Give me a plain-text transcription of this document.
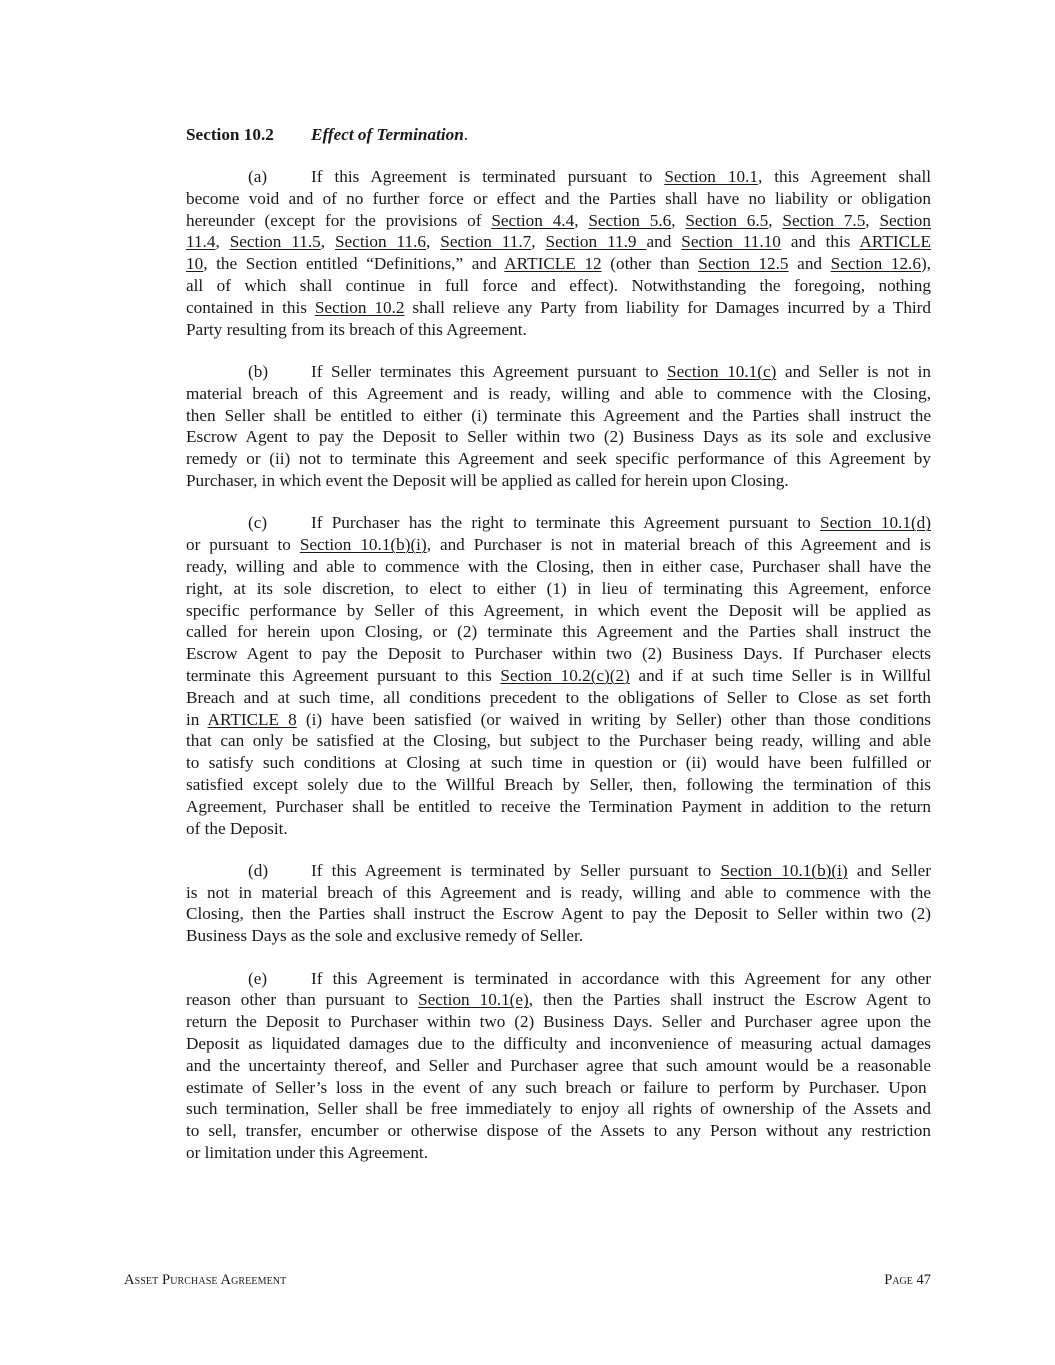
Section 10.2 Effect of Termination.
(a)	If this Agreement is terminated pursuant to Section 10.1, this Agreement shall
become void and of no further force or effect and the Parties shall have no liability or obligation
hereunder (except for the provisions of Section 4.4, Section 5.6, Section 6.5, Section 7.5, Section
11.4, Section 11.5, Section 11.6, Section 11.7, Section 11.9 and Section 11.10 and this ARTICLE
10, the Section entitled “Definitions,” and ARTICLE 12 (other than Section 12.5 and Section 12.6),
all of which shall continue in full force and effect). Notwithstanding the foregoing, nothing
contained in this Section 10.2 shall relieve any Party from liability for Damages incurred by a Third
Party resulting from its breach of this Agreement.
(b) If Seller terminates this Agreement pursuant to Section 10.1(c) and Seller is not in
material breach of this Agreement and is ready, willing and able to commence with the Closing,
then Seller shall be entitled to either (i) terminate this Agreement and the Parties shall instruct the
Escrow Agent to pay the Deposit to Seller within two (2) Business Days as its sole and exclusive
remedy or (ii) not to terminate this Agreement and seek specific performance of this Agreement by
Purchaser, in which event the Deposit will be applied as called for herein upon Closing.
(c)	If Purchaser has the right to terminate this Agreement pursuant to Section 10.1(d)
or pursuant to Section 10.1(b)(i), and Purchaser is not in material breach of this Agreement and is
ready, willing and able to commence with the Closing, then in either case, Purchaser shall have the
right, at its sole discretion, to elect to either (1) in lieu of terminating this Agreement, enforce
specific performance by Seller of this Agreement, in which event the Deposit will be applied as
called for herein upon Closing, or (2) terminate this Agreement and the Parties shall instruct the
Escrow Agent to pay the Deposit to Purchaser within two (2) Business Days. If Purchaser elects
terminate this Agreement pursuant to this Section 10.2(c)(2) and if at such time Seller is in Willful
Breach and at such time, all conditions precedent to the obligations of Seller to Close as set forth
in ARTICLE 8 (i) have been satisfied (or waived in writing by Seller) other than those conditions
that can only be satisfied at the Closing, but subject to the Purchaser being ready, willing and able
to satisfy such conditions at Closing at such time in question or (ii) would have been fulfilled or
satisfied except solely due to the Willful Breach by Seller, then, following the termination of this
Agreement, Purchaser shall be entitled to receive the Termination Payment in addition to the return
of the Deposit.
(d) If this Agreement is terminated by Seller pursuant to Section 10.1(b)(i) and Seller
is not in material breach of this Agreement and is ready, willing and able to commence with the
Closing, then the Parties shall instruct the Escrow Agent to pay the Deposit to Seller within two (2)
Business Days as the sole and exclusive remedy of Seller.
(e)	If this Agreement is terminated in accordance with this Agreement for any other
reason other than pursuant to Section 10.1(e), then the Parties shall instruct the Escrow Agent to
return the Deposit to Purchaser within two (2) Business Days. Seller and Purchaser agree upon the
Deposit as liquidated damages due to the difficulty and inconvenience of measuring actual damages
and the uncertainty thereof, and Seller and Purchaser agree that such amount would be a reasonable
estimate of Seller’s loss in the event of any such breach or failure to perform by Purchaser. Upon
such termination, Seller shall be free immediately to enjoy all rights of ownership of the Assets and
to sell, transfer, encumber or otherwise dispose of the Assets to any Person without any restriction
or limitation under this Agreement.
Asset Purchase Agreement	Page 47
